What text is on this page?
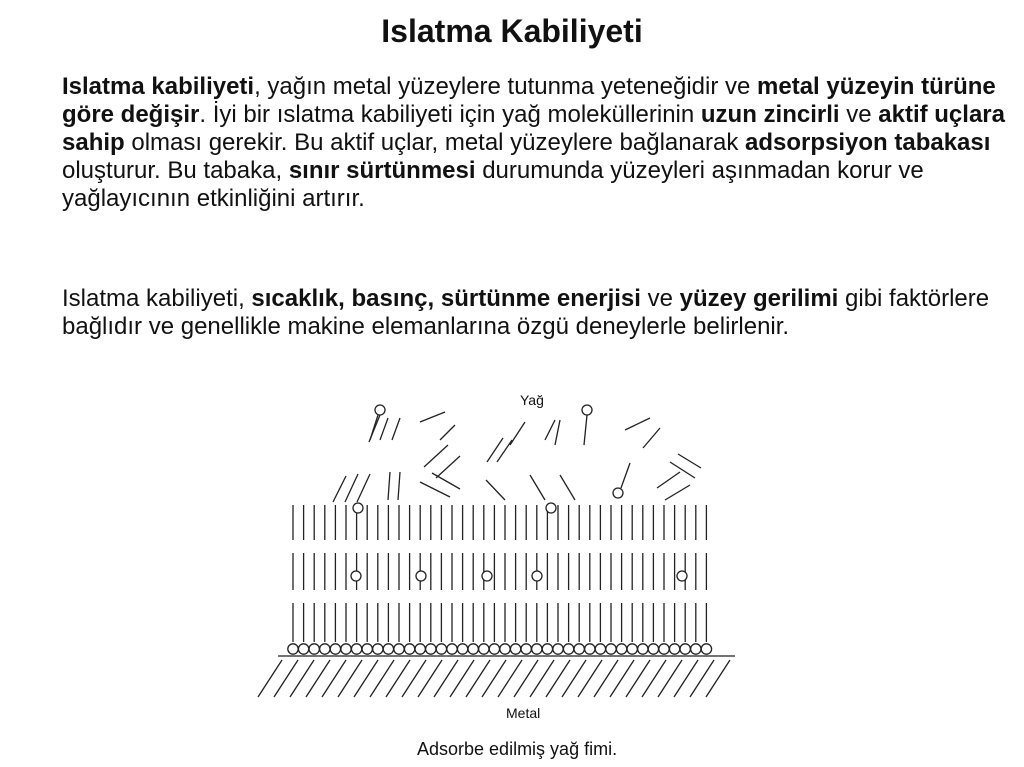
Islatma Kabiliyeti

Islatma kabiliyeti, yağın metal yüzeylere tutunma yeteneğidir ve metal yüzeyin türüne göre değişir. İyi bir ıslatma kabiliyeti için yağ moleküllerinin uzun zincirli ve aktif uçlara sahip olması gerekir. Bu aktif uçlar, metal yüzeylere bağlanarak adsorpsiyon tabakası oluşturur. Bu tabaka, sınır sürtünmesi durumunda yüzeyleri aşınmadan korur ve yağlayıcının etkinliğini artırır.

Islatma kabiliyeti, sıcaklık, basınç, sürtünme enerjisi ve yüzey gerilimi gibi faktörlere bağlıdır ve genellikle makine elemanlarına özgü deneylerle belirlenir.

Yağ
Metal
Adsorbe edilmiş yağ fimi.
